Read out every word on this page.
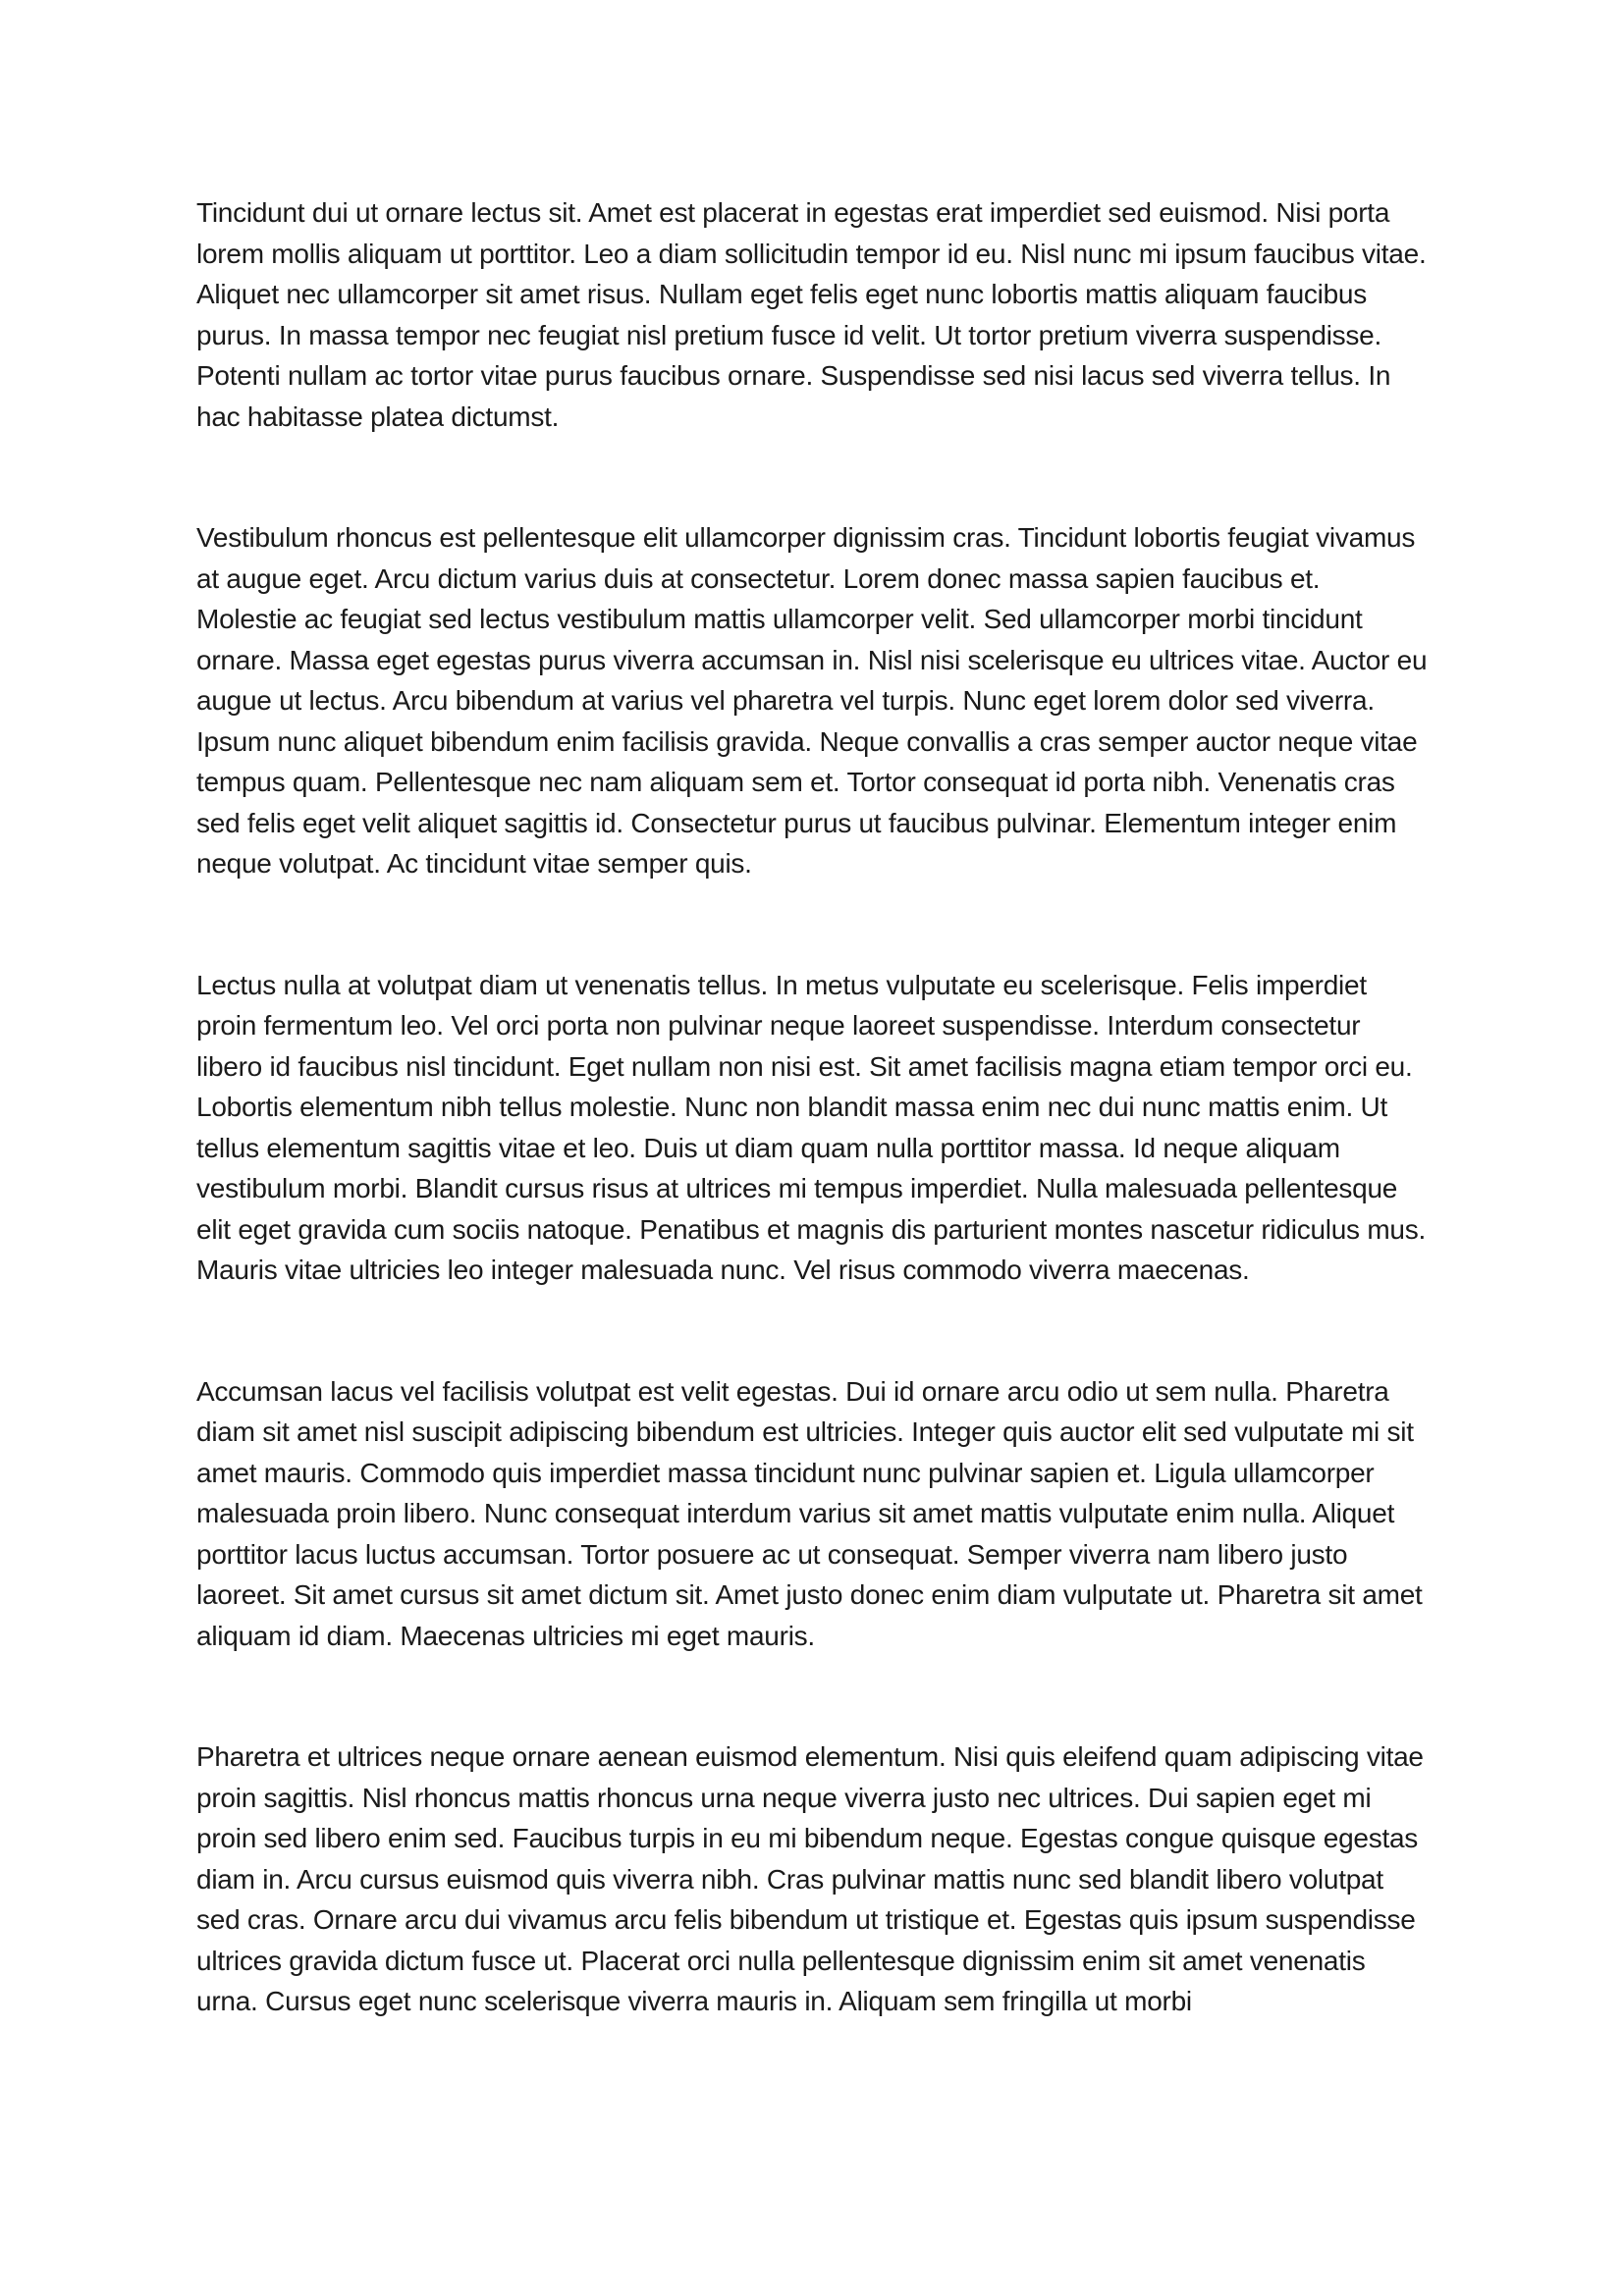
Tincidunt dui ut ornare lectus sit. Amet est placerat in egestas erat imperdiet sed euismod. Nisi porta lorem mollis aliquam ut porttitor. Leo a diam sollicitudin tempor id eu. Nisl nunc mi ipsum faucibus vitae. Aliquet nec ullamcorper sit amet risus. Nullam eget felis eget nunc lobortis mattis aliquam faucibus purus. In massa tempor nec feugiat nisl pretium fusce id velit. Ut tortor pretium viverra suspendisse. Potenti nullam ac tortor vitae purus faucibus ornare. Suspendisse sed nisi lacus sed viverra tellus. In hac habitasse platea dictumst.

Vestibulum rhoncus est pellentesque elit ullamcorper dignissim cras. Tincidunt lobortis feugiat vivamus at augue eget. Arcu dictum varius duis at consectetur. Lorem donec massa sapien faucibus et. Molestie ac feugiat sed lectus vestibulum mattis ullamcorper velit. Sed ullamcorper morbi tincidunt ornare. Massa eget egestas purus viverra accumsan in. Nisl nisi scelerisque eu ultrices vitae. Auctor eu augue ut lectus. Arcu bibendum at varius vel pharetra vel turpis. Nunc eget lorem dolor sed viverra. Ipsum nunc aliquet bibendum enim facilisis gravida. Neque convallis a cras semper auctor neque vitae tempus quam. Pellentesque nec nam aliquam sem et. Tortor consequat id porta nibh. Venenatis cras sed felis eget velit aliquet sagittis id. Consectetur purus ut faucibus pulvinar. Elementum integer enim neque volutpat. Ac tincidunt vitae semper quis.

Lectus nulla at volutpat diam ut venenatis tellus. In metus vulputate eu scelerisque. Felis imperdiet proin fermentum leo. Vel orci porta non pulvinar neque laoreet suspendisse. Interdum consectetur libero id faucibus nisl tincidunt. Eget nullam non nisi est. Sit amet facilisis magna etiam tempor orci eu. Lobortis elementum nibh tellus molestie. Nunc non blandit massa enim nec dui nunc mattis enim. Ut tellus elementum sagittis vitae et leo. Duis ut diam quam nulla porttitor massa. Id neque aliquam vestibulum morbi. Blandit cursus risus at ultrices mi tempus imperdiet. Nulla malesuada pellentesque elit eget gravida cum sociis natoque. Penatibus et magnis dis parturient montes nascetur ridiculus mus. Mauris vitae ultricies leo integer malesuada nunc. Vel risus commodo viverra maecenas.

Accumsan lacus vel facilisis volutpat est velit egestas. Dui id ornare arcu odio ut sem nulla. Pharetra diam sit amet nisl suscipit adipiscing bibendum est ultricies. Integer quis auctor elit sed vulputate mi sit amet mauris. Commodo quis imperdiet massa tincidunt nunc pulvinar sapien et. Ligula ullamcorper malesuada proin libero. Nunc consequat interdum varius sit amet mattis vulputate enim nulla. Aliquet porttitor lacus luctus accumsan. Tortor posuere ac ut consequat. Semper viverra nam libero justo laoreet. Sit amet cursus sit amet dictum sit. Amet justo donec enim diam vulputate ut. Pharetra sit amet aliquam id diam. Maecenas ultricies mi eget mauris.

Pharetra et ultrices neque ornare aenean euismod elementum. Nisi quis eleifend quam adipiscing vitae proin sagittis. Nisl rhoncus mattis rhoncus urna neque viverra justo nec ultrices. Dui sapien eget mi proin sed libero enim sed. Faucibus turpis in eu mi bibendum neque. Egestas congue quisque egestas diam in. Arcu cursus euismod quis viverra nibh. Cras pulvinar mattis nunc sed blandit libero volutpat sed cras. Ornare arcu dui vivamus arcu felis bibendum ut tristique et. Egestas quis ipsum suspendisse ultrices gravida dictum fusce ut. Placerat orci nulla pellentesque dignissim enim sit amet venenatis urna. Cursus eget nunc scelerisque viverra mauris in. Aliquam sem fringilla ut morbi
